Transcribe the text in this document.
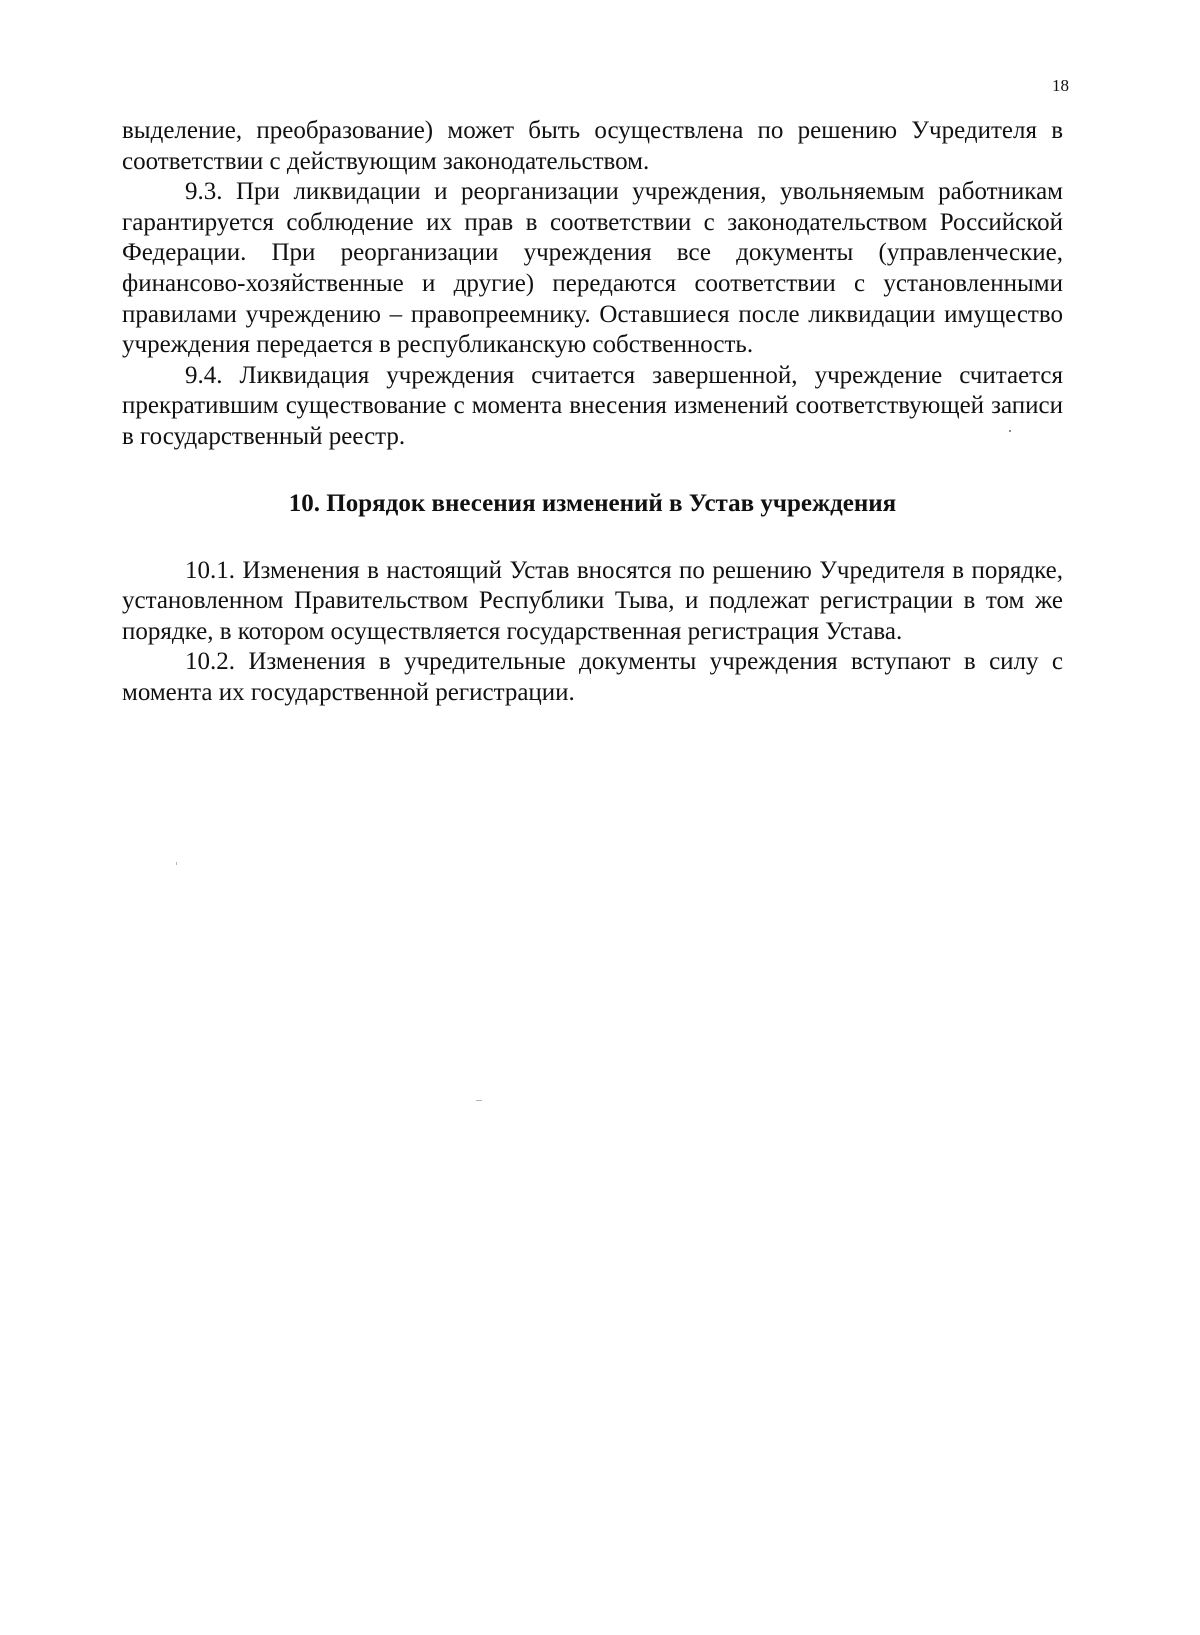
18

выделение, преобразование) может быть осуществлена по решению Учредителя в соответствии с действующим законодательством.

9.3. При ликвидации и реорганизации учреждения, увольняемым работникам гарантируется соблюдение их прав в соответствии с законодательством Российской Федерации. При реорганизации учреждения все документы (управленческие, финансово-хозяйственные и другие) передаются соответствии с установленными правилами учреждению – правопреемнику. Оставшиеся после ликвидации имущество учреждения передается в республиканскую собственность.

9.4. Ликвидация учреждения считается завершенной, учреждение считается прекратившим существование с момента внесения изменений соответствующей записи в государственный реестр.

10. Порядок внесения изменений в Устав учреждения

10.1. Изменения в настоящий Устав вносятся по решению Учредителя в порядке, установленном Правительством Республики Тыва, и подлежат регистрации в том же порядке, в котором осуществляется государственная регистрация Устава.

10.2. Изменения в учредительные документы учреждения вступают в силу с момента их государственной регистрации.
